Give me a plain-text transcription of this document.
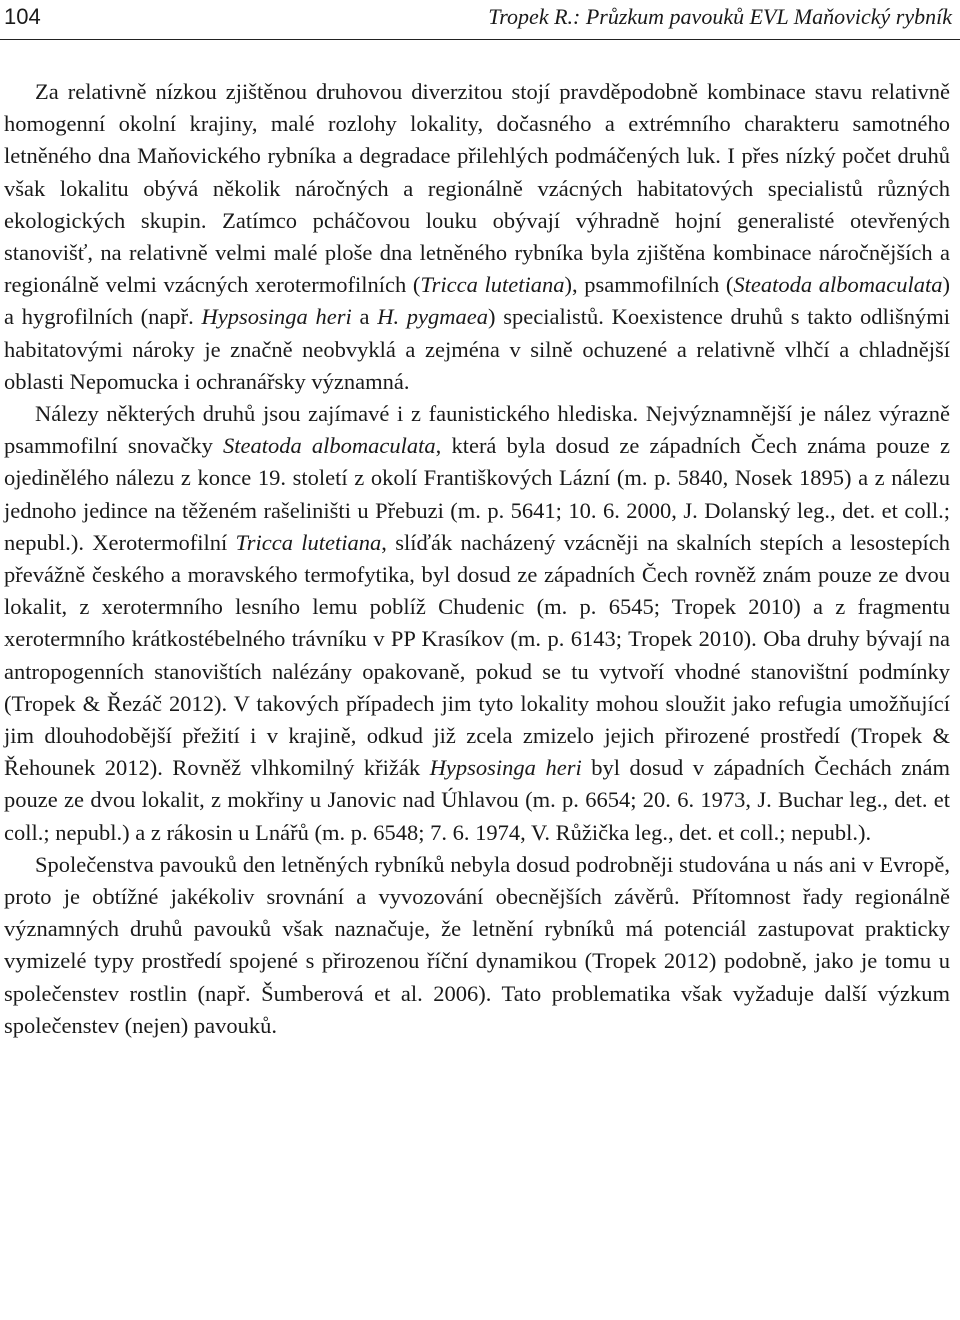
104	Tropek R.: Průzkum pavouků EVL Maňovický rybník

Za relativně nízkou zjištěnou druhovou diverzitou stojí pravděpodobně kombinace stavu relativně homogenní okolní krajiny, malé rozlohy lokality, dočasného a extrémního charakteru samotného letněného dna Maňovického rybníka a degradace přilehlých podmáčených luk. I přes nízký počet druhů však lokalitu obývá několik náročných a regionálně vzácných habitatových specialistů různých ekologických skupin. Zatímco pcháčovou louku obývají výhradně hojní generalisté otevřených stanovišť, na relativně velmi malé ploše dna letněného rybníka byla zjištěna kombinace náročnějších a regionálně velmi vzácných xerotermofilních (Tricca lutetiana), psammofilních (Steatoda albomaculata) a hygrofilních (např. Hypsosinga heri a H. pygmaea) specialistů. Koexistence druhů s takto odlišnými habitatovými nároky je značně neobvyklá a zejména v silně ochuzené a relativně vlhčí a chladnější oblasti Nepomucka i ochranářsky významná.

Nálezy některých druhů jsou zajímavé i z faunistického hlediska. Nejvýznamnější je nález výrazně psammofilní snovačky Steatoda albomaculata, která byla dosud ze západních Čech známa pouze z ojedinělého nálezu z konce 19. století z okolí Františkových Lázní (m. p. 5840, Nosek 1895) a z nálezu jednoho jedince na těženém rašeliništi u Přebuzi (m. p. 5641; 10. 6. 2000, J. Dolanský leg., det. et coll.; nepubl.). Xerotermofilní Tricca lutetiana, slíďák nacházený vzácněji na skalních stepích a lesostepích převážně českého a moravského termofytika, byl dosud ze západních Čech rovněž znám pouze ze dvou lokalit, z xerotermního lesního lemu poblíž Chudenic (m. p. 6545; Tropek 2010) a z fragmentu xerotermního krátkostébelného trávníku v PP Krasíkov (m. p. 6143; Tropek 2010). Oba druhy bývají na antropogenních stanovištích nalézány opakovaně, pokud se tu vytvoří vhodné stanovištní podmínky (Tropek & Řezáč 2012). V takových případech jim tyto lokality mohou sloužit jako refugia umožňující jim dlouhodobější přežití i v krajině, odkud již zcela zmizelo jejich přirozené prostředí (Tropek & Řehounek 2012). Rovněž vlhkomilný křižák Hypsosinga heri byl dosud v západních Čechách znám pouze ze dvou lokalit, z mokřiny u Janovic nad Úhlavou (m. p. 6654; 20. 6. 1973, J. Buchar leg., det. et coll.; nepubl.) a z rákosin u Lnářů (m. p. 6548; 7. 6. 1974, V. Růžička leg., det. et coll.; nepubl.).

Společenstva pavouků den letněných rybníků nebyla dosud podrobněji studována u nás ani v Evropě, proto je obtížné jakékoliv srovnání a vyvozování obecnějších závěrů. Přítomnost řady regionálně významných druhů pavouků však naznačuje, že letnění rybníků má potenciál zastupovat prakticky vymizelé typy prostředí spojené s přirozenou říční dynamikou (Tropek 2012) podobně, jako je tomu u společenstev rostlin (např. Šumberová et al. 2006). Tato problematika však vyžaduje další výzkum společenstev (nejen) pavouků.
